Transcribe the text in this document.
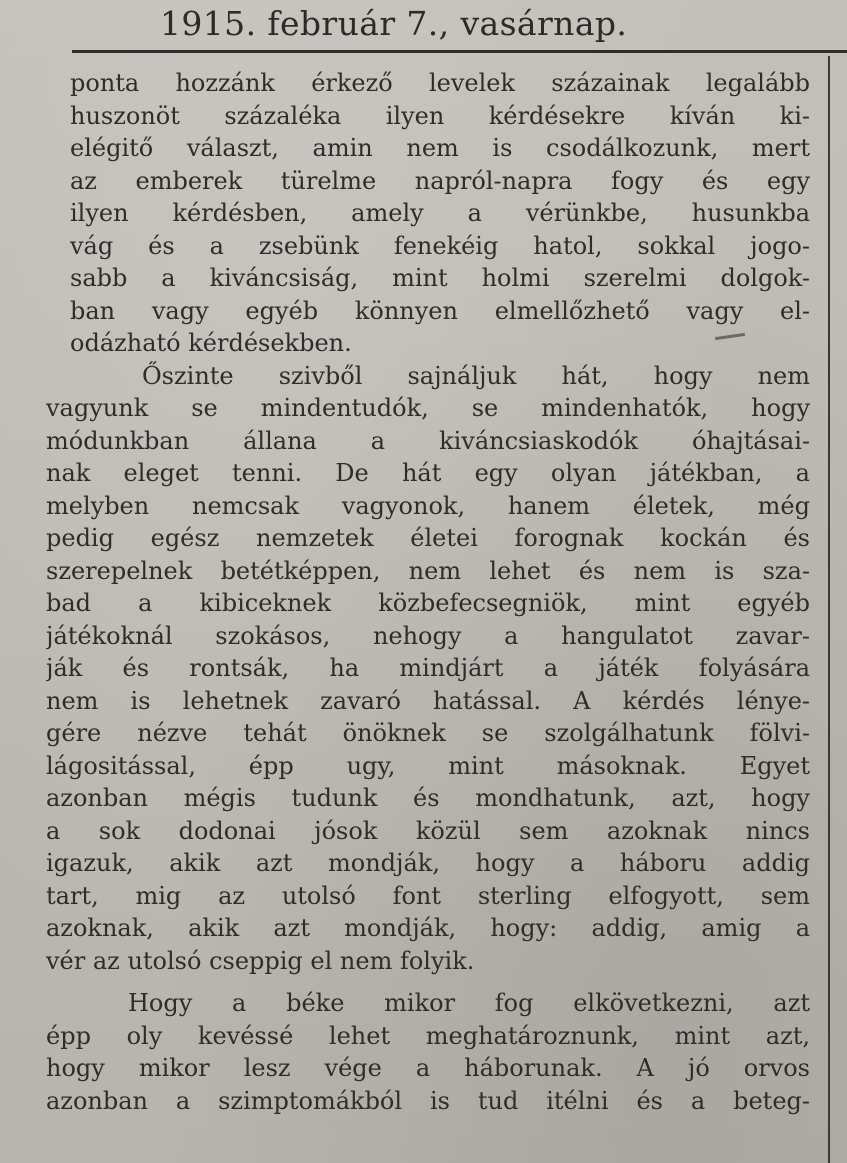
1915. február 7., vasárnap.

ponta hozzánk érkező levelek százainak legalább
huszonöt százaléka ilyen kérdésekre kíván ki-
elégitő választ, amin nem is csodálkozunk, mert
az emberek türelme napról-napra fogy és egy
ilyen kérdésben, amely a vérünkbe, husunkba
vág és a zsebünk fenekéig hatol, sokkal jogo-
sabb a kiváncsiság, mint holmi szerelmi dolgok-
ban vagy egyéb könnyen elmellőzhető vagy el-
odázható kérdésekben.

Őszinte szivből sajnáljuk hát, hogy nem
vagyunk se mindentudók, se mindenhatók, hogy
módunkban állana a kiváncsiaskodók óhajtásai-
nak eleget tenni. De hát egy olyan játékban, a
melyben nemcsak vagyonok, hanem életek, még
pedig egész nemzetek életei forognak kockán és
szerepelnek betétképpen, nem lehet és nem is sza-
bad a kibiceknek közbefecsegniök, mint egyéb
játékoknál szokásos, nehogy a hangulatot zavar-
ják és rontsák, ha mindjárt a játék folyására
nem is lehetnek zavaró hatással. A kérdés lénye-
gére nézve tehát önöknek se szolgálhatunk fölvi-
lágositással, épp ugy, mint másoknak. Egyet
azonban mégis tudunk és mondhatunk, azt, hogy
a sok dodonai jósok közül sem azoknak nincs
igazuk, akik azt mondják, hogy a háboru addig
tart, mig az utolsó font sterling elfogyott, sem
azoknak, akik azt mondják, hogy: addig, amig a
vér az utolsó cseppig el nem folyik.

Hogy a béke mikor fog elkövetkezni, azt
épp oly kevéssé lehet meghatároznunk, mint azt,
hogy mikor lesz vége a háborunak. A jó orvos
azonban a szimptomákból is tud itélni és a beteg-
